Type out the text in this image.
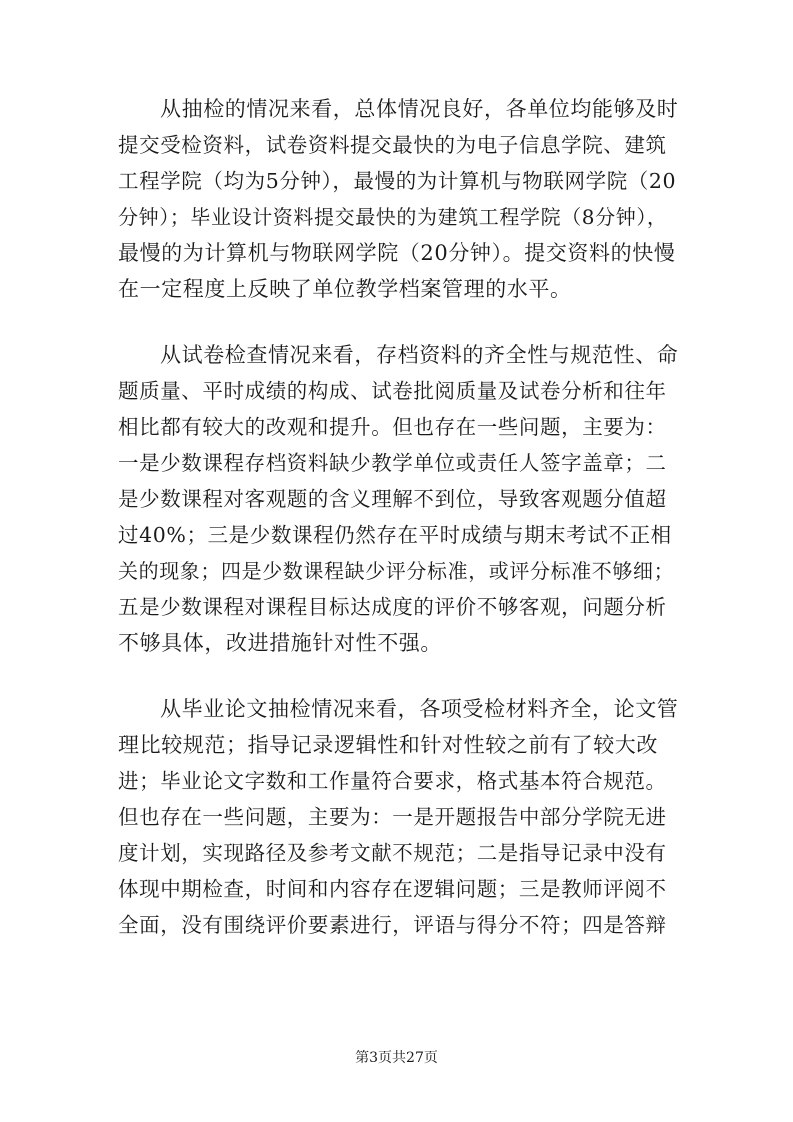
从抽检的情况来看，总体情况良好，各单位均能够及时
提交受检资料，试卷资料提交最快的为电子信息学院、建筑
工程学院（均为5分钟），最慢的为计算机与物联网学院（20
分钟）；毕业设计资料提交最快的为建筑工程学院（8分钟），
最慢的为计算机与物联网学院（20分钟）。提交资料的快慢
在一定程度上反映了单位教学档案管理的水平。
从试卷检查情况来看，存档资料的齐全性与规范性、命
题质量、平时成绩的构成、试卷批阅质量及试卷分析和往年
相比都有较大的改观和提升。但也存在一些问题，主要为：
一是少数课程存档资料缺少教学单位或责任人签字盖章；二
是少数课程对客观题的含义理解不到位，导致客观题分值超
过40%；三是少数课程仍然存在平时成绩与期末考试不正相
关的现象；四是少数课程缺少评分标准，或评分标准不够细；
五是少数课程对课程目标达成度的评价不够客观，问题分析
不够具体，改进措施针对性不强。
从毕业论文抽检情况来看，各项受检材料齐全，论文管
理比较规范；指导记录逻辑性和针对性较之前有了较大改
进；毕业论文字数和工作量符合要求，格式基本符合规范。
但也存在一些问题，主要为：一是开题报告中部分学院无进
度计划，实现路径及参考文献不规范；二是指导记录中没有
体现中期检查，时间和内容存在逻辑问题；三是教师评阅不
全面，没有围绕评价要素进行，评语与得分不符；四是答辩
第3页共27页
